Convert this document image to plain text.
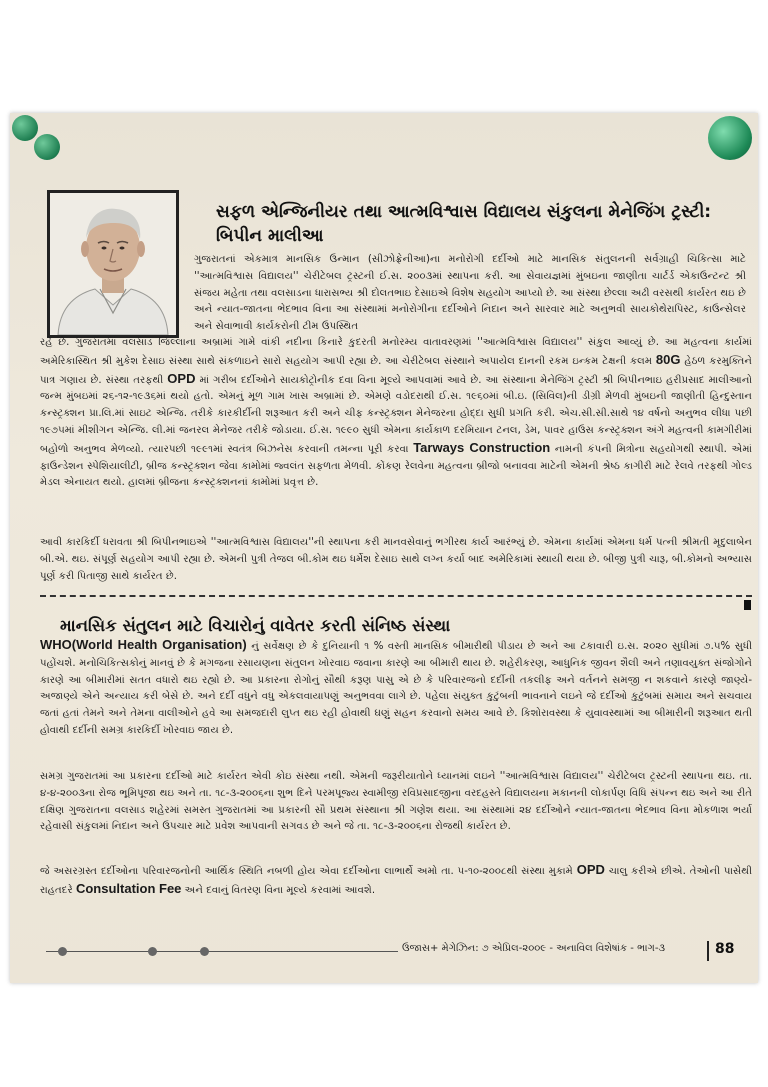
સફળ એન્જિનીયર તથા આત્મવિશ્વાસ વિદ્યાલય સંકુલના મેનેજિંગ ટ્રસ્ટી:
બિપીન માલીઆ

ગુજરાતનાં એકમાત્ર માનસિક ઉન્માન (સીઝોફ્રેનીઆ)ના મનોરોગી દર્દીઓ માટે માનસિક સંતુલનની સર્વગ્રાહી ચિકિત્સા માટે ''આત્મવિશ્વાસ વિદ્યાલય'' ચેરીટેબલ ટ્રસ્ટની ઈ.સ. ૨૦૦૩માં સ્થાપના કરી. આ સેવાયજ્ઞમાં મુંબઇના જાણીતા ચાર્ટર્ડ એકાઉન્ટન્ટ શ્રી સંજય મહેતા તથા વલસાડના ધારાસભ્ય શ્રી દોલતભાઇ દેસાઇએ વિશેષ સહયોગ આપ્યો છે. આ સંસ્થા છેલ્લા અઢી વરસથી કાર્યરત થઇ છે અને ન્યાત-જાતના ભેદભાવ વિના આ સંસ્થામાં મનોરોગીના દર્દીઓને નિદાન અને સારવાર માટે અનુભવી સાયકોથેરાપિસ્ટ, કાઉન્સેલર અને સેવાભાવી કાર્યકરોની ટીમ ઉપસ્થિત

રહે છે. ગુજરાતમાં વલસાડ જિલ્લાના અબ્રામાં ગામે વાંકી નદીના કિનારે કુદરતી મનોરમ્ય વાતાવરણમાં ''આત્મવિશ્વાસ વિદ્યાલય'' સંકુલ આવ્યું છે. આ મહત્વના કાર્યમાં અમેરિકાસ્થિત શ્રી મુકેશ દેસાઇ સંસ્થા સાથે સંકળાઇને સારો સહયોગ આપી રહ્યા છે. આ ચેરીટેબલ સંસ્થાને અપાયેલ દાનની રકમ ઇન્કમ ટેક્ષની કલમ 80G હેઠળ કરમુક્તિને પાત્ર ગણાય છે. સંસ્થા તરફથી OPD માં ગરીબ દર્દીઓને સાયકોટ્રોનીક દવા વિના મૂલ્યે આપવામાં આવે છે. આ સંસ્થાના મેનેજિંગ ટ્રસ્ટી શ્રી બિપીનભાઇ હરીપ્રસાદ માલીઆનો જન્મ મુંબઇમાં ૨૬-૧૨-૧૯૩૬માં થયો હતો. એમનું મૂળ ગામ ખાસ અબ્રામાં છે. એમણે વડોદરાથી ઈ.સ. ૧૯૬૦માં બી.ઇ. (સિવિલ)ની ડીગ્રી મેળવી મુંબઇની જાણીતી હિન્દુસ્તાન કન્સ્ટ્રક્શન પ્રા.લિ.માં સાઇટ એન્જિ. તરીકે કારકીર્દીની શરૂઆત કરી અને ચીફ કન્સ્ટ્રક્શન મેનેજરના હોદ્દા સુધી પ્રગતિ કરી. એચ.સી.સી.સાથે ૧૪ વર્ષનો અનુભવ લીધા પછી ૧૯૭૫માં મીશીગન એન્જિ. લી.માં જનરલ મેનેજર તરીકે જોડાયા. ઈ.સ. ૧૯૯૦ સુધી એમના કાર્યકાળ દરમિયાન ટનલ, ડેમ, પાવર હાઉસ કન્સ્ટ્રક્શન અંગે મહત્વની કામગીરીમાં બહોળો અનુભવ મેળવ્યો. ત્યારપછી ૧૯૯૧માં સ્વતંત્ર બિઝનેસ કરવાની તમન્ના પૂરી કરવા Tarways Construction નામની કંપની મિત્રોના સહયોગથી સ્થાપી. એમાં ફાઉન્ડેશન સ્પેશિયાલીટી, બ્રીજ કન્સ્ટ્રક્શન જેવા કામોમાં જ્વલંત સફળતા મેળવી. કોંકણ રેલવેના મહત્વના બ્રીજો બનાવવા માટેની એમની શ્રેષ્ઠ કાગીરી માટે રેલવે તરફથી ગોલ્ડ મેડલ એનાયત થયો. હાલમાં બ્રીજના કન્સ્ટ્રક્શનનાં કામોમાં પ્રવૃત્ત છે.

આવી કારકિર્દી ધરાવતા શ્રી બિપીનભાઇએ ''આત્મવિશ્વાસ વિદ્યાલય''ની સ્થાપના કરી માનવસેવાનું ભગીરથ કાર્ય આરંભ્યું છે. એમના કાર્યમાં એમના ધર્મ પત્ની શ્રીમતી મૃદુલાબેન બી.એ. થઇ. સંપૂર્ણ સહયોગ આપી રહ્યા છે. એમની પુત્રી તેજલ બી.કોમ થઇ ધર્મેશ દેસાઇ સાથે લગ્ન કર્યા બાદ અમેરિકામાં સ્થાયી થયા છે. બીજી પુત્રી ચારૂ, બી.કોમનો અભ્યાસ પૂર્ણ કરી પિતાજી સાથે કાર્યરત છે.

માનસિક સંતુલન માટે વિચારોનું વાવેતર કરતી સંનિષ્ઠ સંસ્થા

WHO(World Health Organisation) નું સર્વેક્ષણ છે કે દુનિયાની ૧ % વસ્તી માનસિક બીમારીથી પીડાય છે અને આ ટકાવારી ઇ.સ. ૨૦૨૦ સુધીમાં ૭.૫% સુધી પહોંચશે. મનોચિકિત્સકોનું માનવું છે કે મગજના રસાયણના સંતુલન ખોરવાઇ જવાના કારણે આ બીમારી થાય છે. શહેરીકરણ, આધુનિક જીવન શૈલી અને તણાવયુક્ત સંજોગોને કારણે આ બીમારીમાં સતત વધારો થઇ રહ્યો છે. આ પ્રકારના રોગોનું સૌથી કરૂણ પાસુ એ છે કે પરિવારજનો દર્દીની તકલીફ અને વર્તનને સમજી ન શકવાને કારણે જાણ્યે-અજાણ્યે એને અન્યાય કરી બેસે છે. અને દર્દી વધુને વધુ એકલવાયાપણું અનુભવવા લાગે છે. પહેલા સંયુક્ત કુટુંબની ભાવનાને લઇને જે દર્દીઓ કુટુંબમાં સમાય અને સચવાય જતાં હતાં તેમને અને તેમના વાલીઓને હવે આ સમજદારી લુપ્ત થઇ રહી હોવાથી ઘણું સહન કરવાનો સમય આવે છે. કિશોરાવસ્થા કે યુવાવસ્થામાં આ બીમારીની શરૂઆત થતી હોવાથી દર્દીની સમગ્ર કારકિર્દી ખોરવાઇ જાય છે.

સમગ્ર ગુજરાતમાં આ પ્રકારના દર્દીઓ માટે કાર્યરત એવી કોઇ સંસ્થા નથી. એમની જરૂરીયાતોને ધ્યાનમાં લઇને ''આત્મવિશ્વાસ વિદ્યાલય'' ચેરીટેબલ ટ્રસ્ટની સ્થાપના થઇ. તા. ૪-૪-૨૦૦૩ના રોજ ભૂમિપૂજા થઇ અને તા. ૧૮-૩-૨૦૦૬ના શુભ દિને પરમપૂજ્ય સ્વામીજી રવિપ્રસાદજીના વરદહસ્તે વિદ્યાલયના મકાનની લોકાર્પણ વિધિ સંપન્ન થઇ અને આ રીતે દક્ષિણ ગુજરાતના વલસાડ શહેરમાં સમસ્ત ગુજરાતમાં આ પ્રકારની સૌ પ્રથમ સંસ્થાના શ્રી ગણેશ થયા. આ સંસ્થામાં ૨૪ દર્દીઓને ન્યાત-જાતના ભેદભાવ વિના મોકળાશ ભર્યા રહેવાસી સંકુલમાં નિદાન અને ઉપચાર માટે પ્રવેશ આપવાની સગવડ છે અને જે તા. ૧૮-૩-૨૦૦૬ના રોજથી કાર્યરત છે.

જે અસરગ્રસ્ત દર્દીઓના પરિવારજનોની આર્થિક સ્થિતિ નબળી હોય એવા દર્દીઓના લાભાર્થે અમો તા. ૫-૧૦-૨૦૦૮થી સંસ્થા મુકામે OPD ચાલુ કરીએ છીએ. તેઓની પાસેથી રાહતદરે Consultation Fee અને દવાનું વિતરણ વિના મૂલ્યે કરવામાં આવશે.

ઉજાસ+ મેગેઝિન: ૭ એપ્રિલ-૨૦૦૯ - અનાવિલ વિશેષાંક - ભાગ-૩	88
